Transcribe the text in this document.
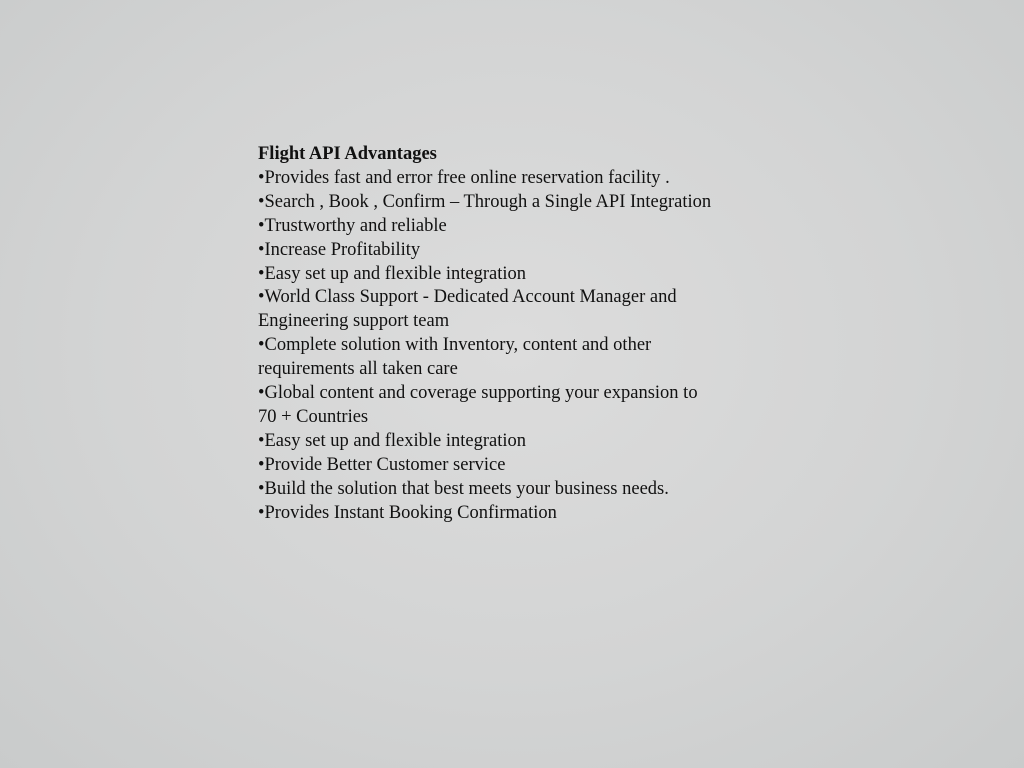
Flight API Advantages
•Provides fast and error free online reservation facility .
•Search , Book , Confirm – Through a Single API Integration
•Trustworthy and reliable
•Increase Profitability
•Easy set up and flexible integration
•World Class Support - Dedicated Account Manager and
Engineering support team
•Complete solution with Inventory, content and other
requirements all taken care
•Global content and coverage supporting your expansion to
70 + Countries
•Easy set up and flexible integration
•Provide Better Customer service
•Build the solution that best meets your business needs.
•Provides Instant Booking Confirmation
